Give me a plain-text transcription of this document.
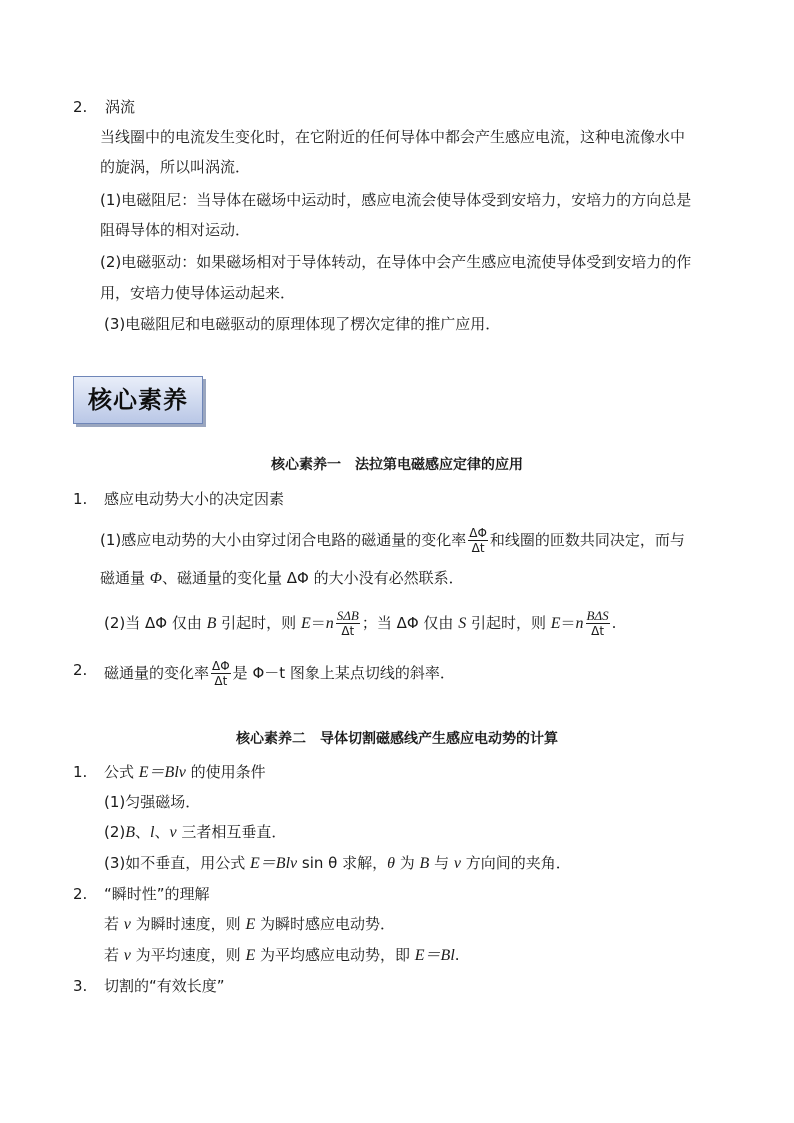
2. 涡流
当线圈中的电流发生变化时，在它附近的任何导体中都会产生感应电流，这种电流像水中
的旋涡，所以叫涡流．
(1)电磁阻尼：当导体在磁场中运动时，感应电流会使导体受到安培力，安培力的方向总是
阻碍导体的相对运动．
(2)电磁驱动：如果磁场相对于导体转动，在导体中会产生感应电流使导体受到安培力的作
用，安培力使导体运动起来．
(3)电磁阻尼和电磁驱动的原理体现了楞次定律的推广应用．
核心素养
核心素养一　法拉第电磁感应定律的应用
1. 感应电动势大小的决定因素
(1)感应电动势的大小由穿过闭合电路的磁通量的变化率 $\frac{\Delta\Phi}{\Delta t}$ 和线圈的匝数共同决定，而与
磁通量 Φ、磁通量的变化量 ΔΦ 的大小没有必然联系．
(2)当 ΔΦ 仅由 B 引起时，则 $E=n \frac{\text{SΔB}}{\Delta t}$ ；当 ΔΦ 仅由 S 引起时，则 $E=n \frac{\text{BΔS}}{\Delta t}$ .
2. 磁通量的变化率 $\frac{\Delta\Phi}{\Delta t}$ 是 Φ－t 图象上某点切线的斜率．
核心素养二　导体切割磁感线产生感应电动势的计算
1. 公式 E＝Blv 的使用条件
(1)匀强磁场．
(2)B、l、v 三者相互垂直．
(3)如不垂直，用公式 E＝Blv sin θ 求解，θ 为 B 与 v 方向间的夹角．
2. “瞬时性”的理解
若 v 为瞬时速度，则 E 为瞬时感应电动势．
若 v 为平均速度，则 E 为平均感应电动势，即 E＝Bl.
3. 切割的“有效长度”
